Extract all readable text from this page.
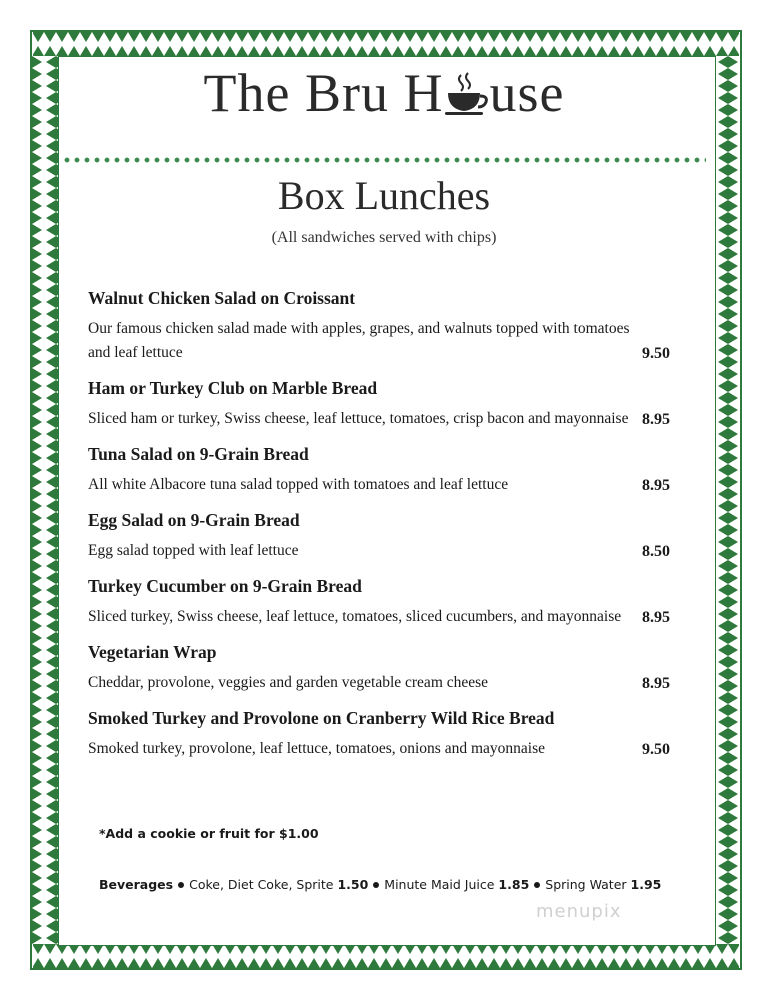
The Bru H use
Box Lunches
(All sandwiches served with chips)
Walnut Chicken Salad on Croissant
Our famous chicken salad made with apples, grapes, and walnuts topped with tomatoes and leaf lettuce	9.50
Ham or Turkey Club on Marble Bread
Sliced ham or turkey, Swiss cheese, leaf lettuce, tomatoes, crisp bacon and mayonnaise 8.95
Tuna Salad on 9-Grain Bread
All white Albacore tuna salad topped with tomatoes and leaf lettuce	8.95
Egg Salad on 9-Grain Bread
Egg salad topped with leaf lettuce	8.50
Turkey Cucumber on 9-Grain Bread
Sliced turkey, Swiss cheese, leaf lettuce, tomatoes, sliced cucumbers, and mayonnaise	8.95
Vegetarian Wrap
Cheddar, provolone, veggies and garden vegetable cream cheese	8.95
Smoked Turkey and Provolone on Cranberry Wild Rice Bread
Smoked turkey, provolone, leaf lettuce, tomatoes, onions and mayonnaise	9.50
*Add a cookie or fruit for $1.00
Beverages Coke, Diet Coke, Sprite 1.50 Minute Maid Juice 1.85 Spring Water 1.95
menupix
